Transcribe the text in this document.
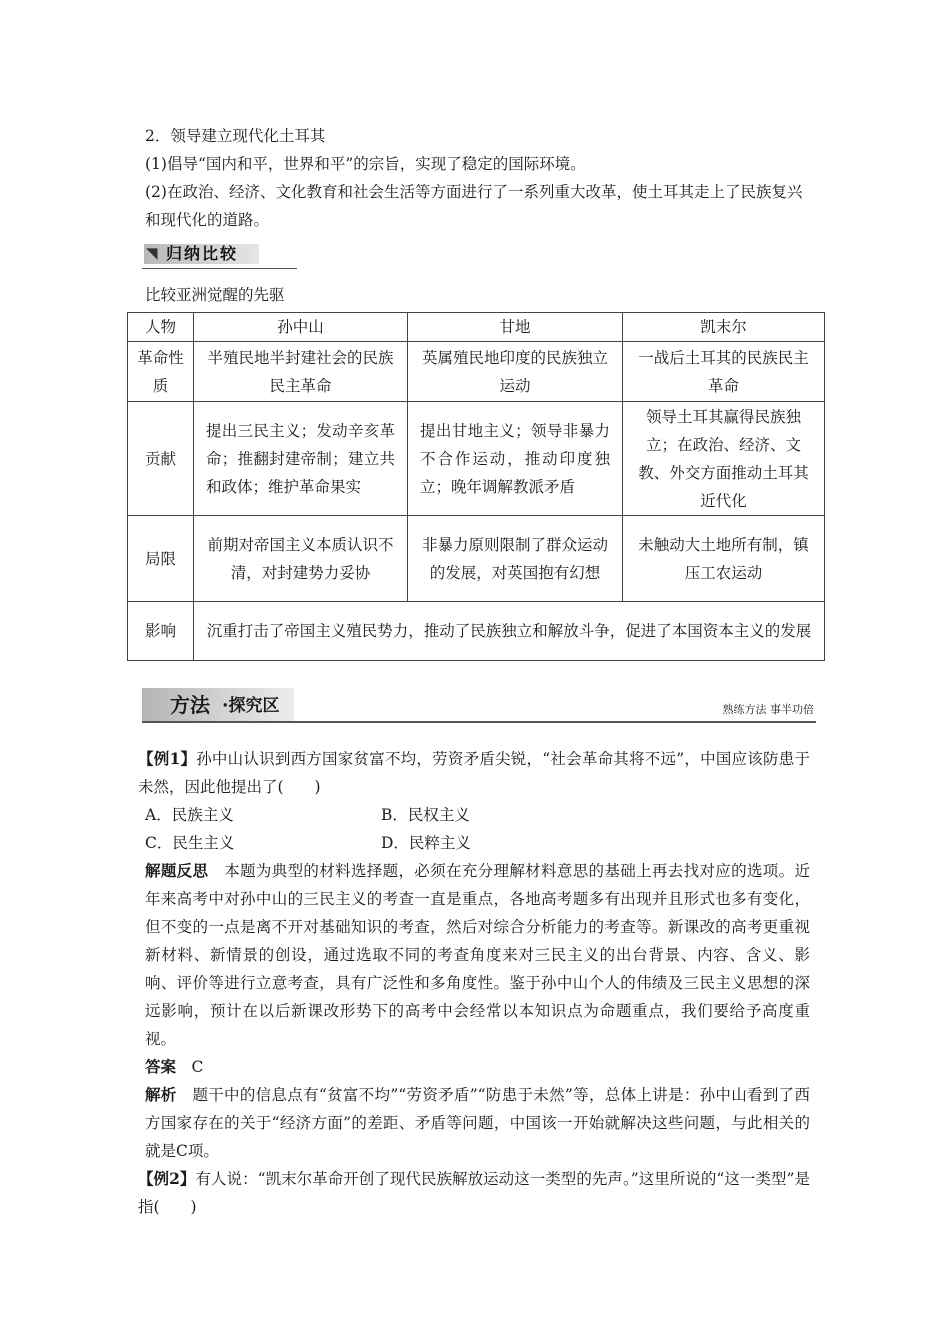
2．领导建立现代化土耳其

(1)倡导“国内和平，世界和平”的宗旨，实现了稳定的国际环境。

(2)在政治、经济、文化教育和社会生活等方面进行了一系列重大改革，使土耳其走上了民族复兴和现代化的道路。

◥ 归纳比较

比较亚洲觉醒的先驱

人物	孙中山	甘地	凯末尔
革命性质	半殖民地半封建社会的民族民主革命	英属殖民地印度的民族独立运动	一战后土耳其的民族民主革命
贡献	提出三民主义；发动辛亥革命；推翻封建帝制；建立共和政体；维护革命果实	提出甘地主义；领导非暴力不合作运动，推动印度独立；晚年调解教派矛盾	领导土耳其赢得民族独立；在政治、经济、文教、外交方面推动土耳其近代化
局限	前期对帝国主义本质认识不清，对封建势力妥协	非暴力原则限制了群众运动的发展，对英国抱有幻想	未触动大土地所有制，镇压工农运动
影响	沉重打击了帝国主义殖民势力，推动了民族独立和解放斗争，促进了本国资本主义的发展		
方法 ·探究区	熟练方法 事半功倍

【例1】孙中山认识到西方国家贫富不均，劳资矛盾尖锐，“社会革命其将不远”，中国应该防患于未然，因此他提出了(　　)

A．民族主义	B．民权主义
C．民生主义	D．民粹主义

解题反思　 本题为典型的材料选择题，必须在充分理解材料意思的基础上再去找对应的选项。近年来高考中对孙中山的三民主义的考查一直是重点，各地高考题多有出现并且形式也多有变化，但不变的一点是离不开对基础知识的考查，然后对综合分析能力的考查等。新课改的高考更重视新材料、新情景的创设，通过选取不同的考查角度来对三民主义的出台背景、内容、含义、影响、评价等进行立意考查，具有广泛性和多角度性。鉴于孙中山个人的伟绩及三民主义思想的深远影响，预计在以后新课改形势下的高考中会经常以本知识点为命题重点，我们要给予高度重视。

答案　 C

解析　 题干中的信息点有“贫富不均”“劳资矛盾”“防患于未然”等，总体上讲是：孙中山看到了西方国家存在的关于“经济方面”的差距、矛盾等问题，中国该一开始就解决这些问题，与此相关的就是C项。

【例2】有人说：“凯末尔革命开创了现代民族解放运动这一类型的先声。”这里所说的“这一类型”是指(　　)
